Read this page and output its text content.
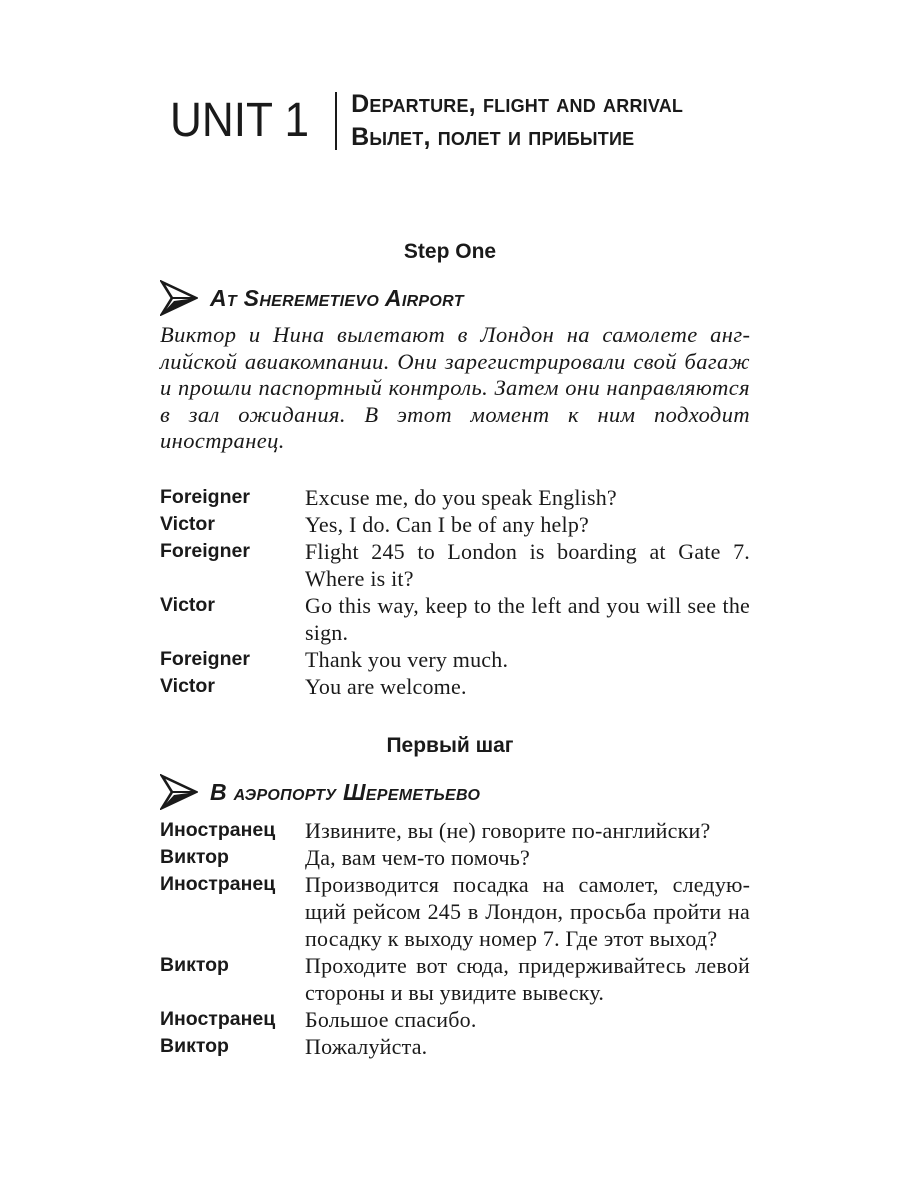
UNIT 1 Departure, flight and arrival
Вылет, полет и прибытие
Step One
At Sheremetievo Airport

Виктор и Нина вылетают в Лондон на самолете английской авиакомпании. Они зарегистрировали свой багаж и прошли паспортный контроль. Затем они направляются в зал ожидания. В этот момент к ним подходит иностранец.

Foreigner	Excuse me, do you speak English?
Victor	Yes, I do. Can I be of any help?
Foreigner	Flight 245 to London is boarding at Gate 7. Where is it?
Victor	Go this way, keep to the left and you will see the sign.
Foreigner	Thank you very much.
Victor	You are welcome.
Первый шаг
В аэропорту Шереметьево
Иностранец	Извините, вы (не) говорите по-английски?
Виктор	Да, вам чем-то помочь?
Иностранец	Производится посадка на самолет, следующий рейсом 245 в Лондон, просьба пройти на посадку к выходу номер 7. Где этот выход?
Виктор	Проходите вот сюда, придерживайтесь левой стороны и вы увидите вывеску.
Иностранец	Большое спасибо.
Виктор	Пожалуйста.
